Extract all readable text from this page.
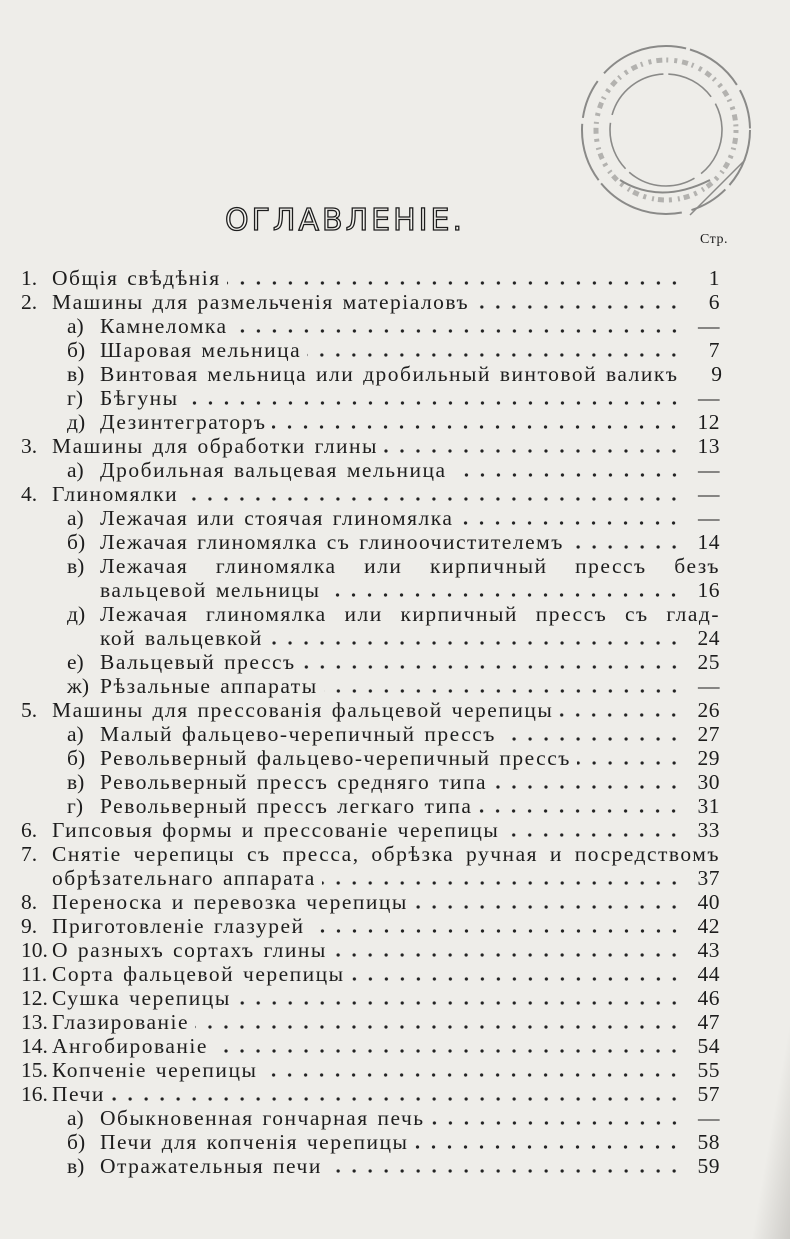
ОГЛАВЛЕНІЕ.
Стр.
1. Общія свѣдѣнія	1
2. Машины для размельченія матеріаловъ	6
а) Камнеломка	—
б) Шаровая мельница	7
в) Винтовая мельница или дробильный винтовой валикъ	9
г) Бѣгуны	—
д) Дезинтеграторъ	12
3. Машины для обработки глины	13
а) Дробильная вальцевая мельница	—
4. Глиномялки	—
а) Лежачая или стоячая глиномялка	—
б) Лежачая глиномялка съ глиноочистителемъ	14
в) Лежачая глиномялка или кирпичный прессъ безъ
вальцевой мельницы	16
д) Лежачая глиномялка или кирпичный прессъ съ глад-
кой вальцевкой	24
е) Вальцевый прессъ	25
ж) Рѣзальные аппараты	—
5. Машины для прессованія фальцевой черепицы	26
а) Малый фальцево-черепичный прессъ	27
б) Револьверный фальцево-черепичный прессъ	29
в) Револьверный прессъ средняго типа	30
г) Револьверный прессъ легкаго типа	31
6. Гипсовыя формы и прессованіе черепицы	33
7. Снятіе черепицы съ пресса, обрѣзка ручная и посредствомъ
обрѣзательнаго аппарата	37
8. Переноска и перевозка черепицы	40
9. Приготовленіе глазурей	42
10. О разныхъ сортахъ глины	43
11. Сорта фальцевой черепицы	44
12. Сушка черепицы	46
13. Глазированіе	47
14. Ангобированіе	54
15. Копченіе черепицы	55
16. Печи	57
а) Обыкновенная гончарная печь	—
б) Печи для копченія черепицы	58
в) Отражательныя печи	59
